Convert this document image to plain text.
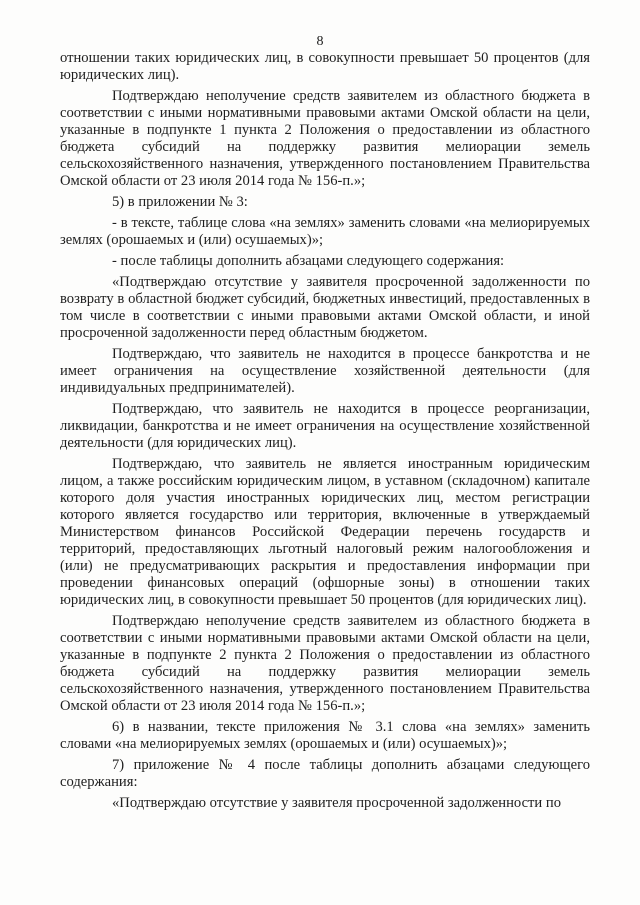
8

отношении таких юридических лиц, в совокупности превышает 50 процентов (для юридических лиц).

Подтверждаю неполучение средств заявителем из областного бюджета в соответствии с иными нормативными правовыми актами Омской области на цели, указанные в подпункте 1 пункта 2 Положения о предоставлении из областного бюджета субсидий на поддержку развития мелиорации земель сельскохозяйственного назначения, утвержденного постановлением Правительства Омской области от 23 июля 2014 года № 156-п.»;

5) в приложении № 3:

- в тексте, таблице слова «на землях» заменить словами «на мелиорируемых землях (орошаемых и (или) осушаемых)»;

- после таблицы дополнить абзацами следующего содержания:

«Подтверждаю отсутствие у заявителя просроченной задолженности по возврату в областной бюджет субсидий, бюджетных инвестиций, предоставленных в том числе в соответствии с иными правовыми актами Омской области, и иной просроченной задолженности перед областным бюджетом.

Подтверждаю, что заявитель не находится в процессе банкротства и не имеет ограничения на осуществление хозяйственной деятельности (для индивидуальных предпринимателей).

Подтверждаю, что заявитель не находится в процессе реорганизации, ликвидации, банкротства и не имеет ограничения на осуществление хозяйственной деятельности (для юридических лиц).

Подтверждаю, что заявитель не является иностранным юридическим лицом, а также российским юридическим лицом, в уставном (складочном) капитале которого доля участия иностранных юридических лиц, местом регистрации которого является государство или территория, включенные в утверждаемый Министерством финансов Российской Федерации перечень государств и территорий, предоставляющих льготный налоговый режим налогообложения и (или) не предусматривающих раскрытия и предоставления информации при проведении финансовых операций (офшорные зоны) в отношении таких юридических лиц, в совокупности превышает 50 процентов (для юридических лиц).

Подтверждаю неполучение средств заявителем из областного бюджета в соответствии с иными нормативными правовыми актами Омской области на цели, указанные в подпункте 2 пункта 2 Положения о предоставлении из областного бюджета субсидий на поддержку развития мелиорации земель сельскохозяйственного назначения, утвержденного постановлением Правительства Омской области от 23 июля 2014 года № 156-п.»;

6) в названии, тексте приложения № 3.1 слова «на землях» заменить словами «на мелиорируемых землях (орошаемых и (или) осушаемых)»;

7) приложение № 4 после таблицы дополнить абзацами следующего содержания:

«Подтверждаю отсутствие у заявителя просроченной задолженности по
